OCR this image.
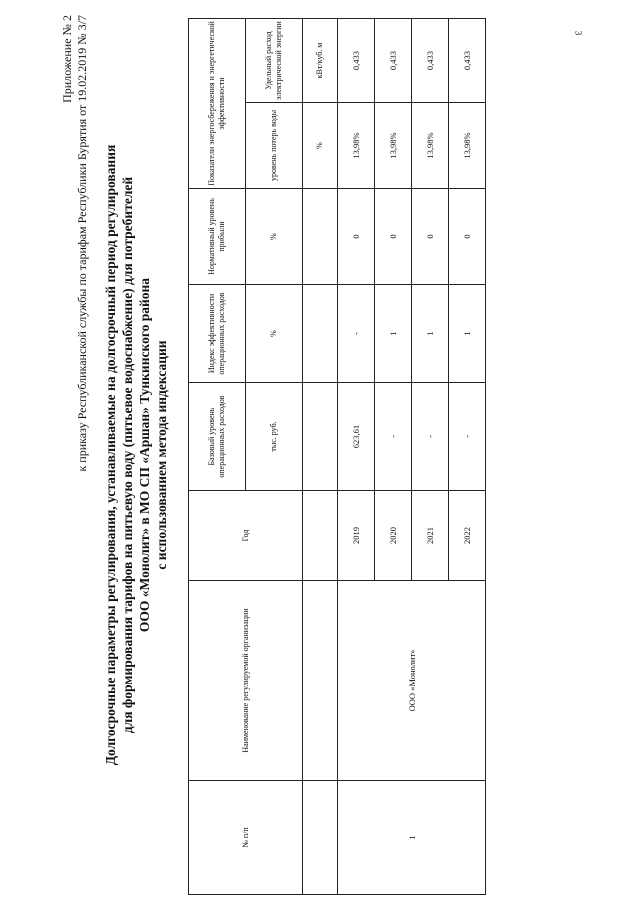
3
Приложение № 2 к приказу Республиканской службы по тарифам Республики Бурятия от 19.02.2019 № 3/7 Долгосрочные параметры регулирования, устанавливаемые на долгосрочный период регулирования для формирования тарифов на питьевую воду (питьевое водоснабжение) для потребителей ООО «Монолит» в МО СП «Аршан» Тункинского района с использованием метода индексации
№ п/п	Наименование регулируемой организации	Год	Базовый уровень операционных расходов	Индекс эффективности операционных расходов	Нормативный уровень прибыли	Показатели энергосбережения и энергетической эффективности	
			тыс. руб.	%	%	уровень потерь воды	Удельный расход электрической энергии
						%	кВт/куб. м
1	ООО «Монолит»	2019	623,61	-	0	13,98%	0,433
		2020	-	1	0	13,98%	0,433
		2021	-	1	0	13,98%	0,433
		2022	-	1	0	13,98%	0,433
